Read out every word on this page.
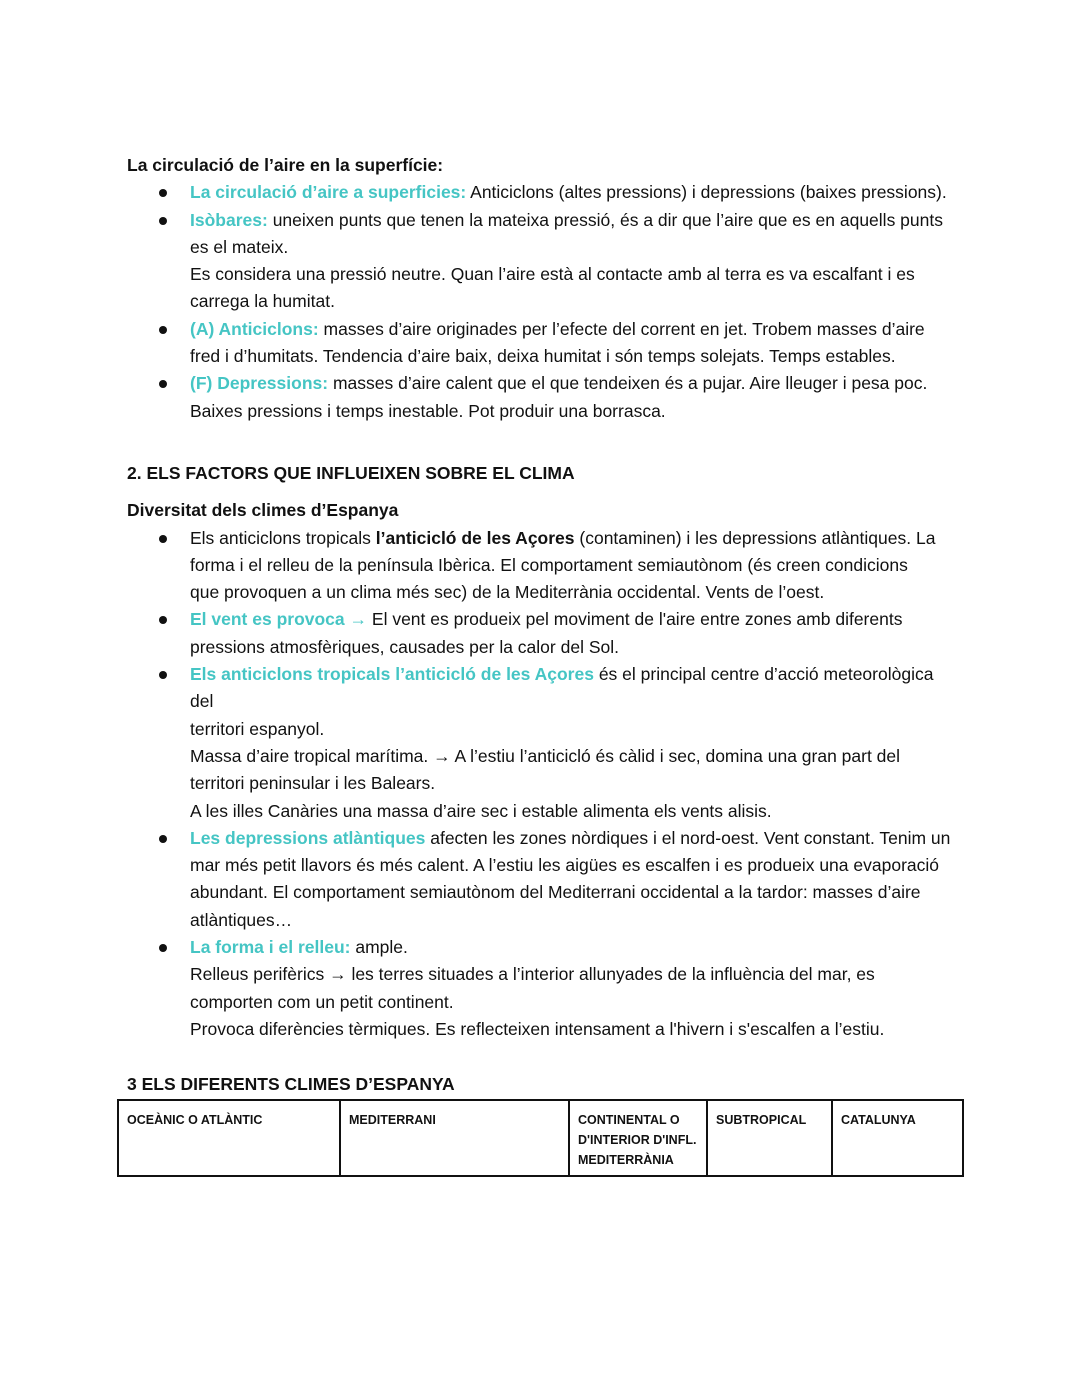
La circulació de l’aire en la superfície:
La circulació d’aire a superficies: Anticiclons (altes pressions) i depressions (baixes pressions).
Isòbares: uneixen punts que tenen la mateixa pressió, és a dir que l’aire que es en aquells punts
es el mateix.
Es considera una pressió neutre. Quan l’aire està al contacte amb al terra es va escalfant i es
carrega la humitat.
(A) Anticiclons: masses d’aire originades per l’efecte del corrent en jet. Trobem masses d’aire
fred i d’humitats. Tendencia d’aire baix, deixa humitat i són temps solejats. Temps estables.
(F) Depressions: masses d’aire calent que el que tendeixen és a pujar. Aire lleuger i pesa poc.
Baixes pressions i temps inestable. Pot produir una borrasca.
2. ELS FACTORS QUE INFLUEIXEN SOBRE EL CLIMA
Diversitat dels climes d’Espanya
Els anticiclons tropicals l’anticicló de les Açores (contaminen) i les depressions atlàntiques. La
forma i el relleu de la península Ibèrica. El comportament semiautònom (és creen condicions
que provoquen a un clima més sec) de la Mediterrània occidental. Vents de l’oest.
El vent es provoca → El vent es produeix pel moviment de l'aire entre zones amb diferents
pressions atmosfèriques, causades per la calor del Sol.
Els anticiclons tropicals l’anticicló de les Açores és el principal centre d’acció meteorològica del
territori espanyol.
Massa d’aire tropical marítima. → A l’estiu l’anticicló és càlid i sec, domina una gran part del
territori peninsular i les Balears.
A les illes Canàries una massa d’aire sec i estable alimenta els vents alisis.
Les depressions atlàntiques afecten les zones nòrdiques i el nord-oest. Vent constant. Tenim un
mar més petit llavors és més calent. A l’estiu les aigües es escalfen i es produeix una evaporació
abundant. El comportament semiautònom del Mediterrani occidental a la tardor: masses d’aire
atlàntiques…
La forma i el relleu: ample.
Relleus perifèrics → les terres situades a l’interior allunyades de la influència del mar, es
comporten com un petit continent.
Provoca diferències tèrmiques. Es reflecteixen intensament a l'hivern i s'escalfen a l’estiu.
3 ELS DIFERENTS CLIMES D’ESPANYA
OCEÀNIC O ATLÀNTIC	MEDITERRANI	CONTINENTAL O D'INTERIOR D'INFL. MEDITERRÀNIA	SUBTROPICAL	CATALUNYA
